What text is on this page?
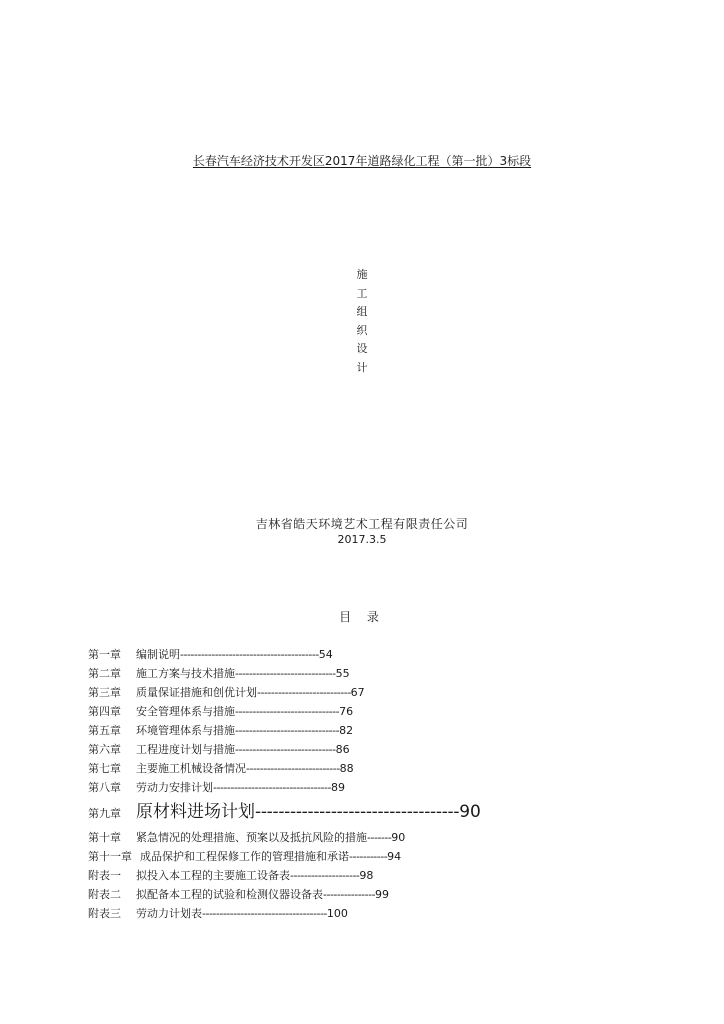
长春汽车经济技术开发区2017年道路绿化工程（第一批）3标段
施
工
组
织
设
计
吉林省皓天环境艺术工程有限责任公司
2017.3.5
目 录
第一章	编制说明 ---------------------------------------- 54
第二章	施工方案与技术措施 ----------------------------- 55
第三章	质量保证措施和创优计划 --------------------------- 67
第四章	安全管理体系与措施 ------------------------------ 76
第五章	环境管理体系与措施 ------------------------------ 82
第六章	工程进度计划与措施 ----------------------------- 86
第七章	主要施工机械设备情况 --------------------------- 88
第八章	劳动力安排计划 ---------------------------------- 89
第九章 原材料进场计划 ----------------------------------- 90
第十章	紧急情况的处理措施、预案以及抵抗风险的措施 ------- 90
第十一章 成品保护和工程保修工作的管理措施和承诺 ----------- 94
附表一	拟投入本工程的主要施工设备表 -------------------- 98
附表二	拟配备本工程的试验和检测仪器设备表 --------------- 99
附表三	劳动力计划表 ------------------------------------ 100
